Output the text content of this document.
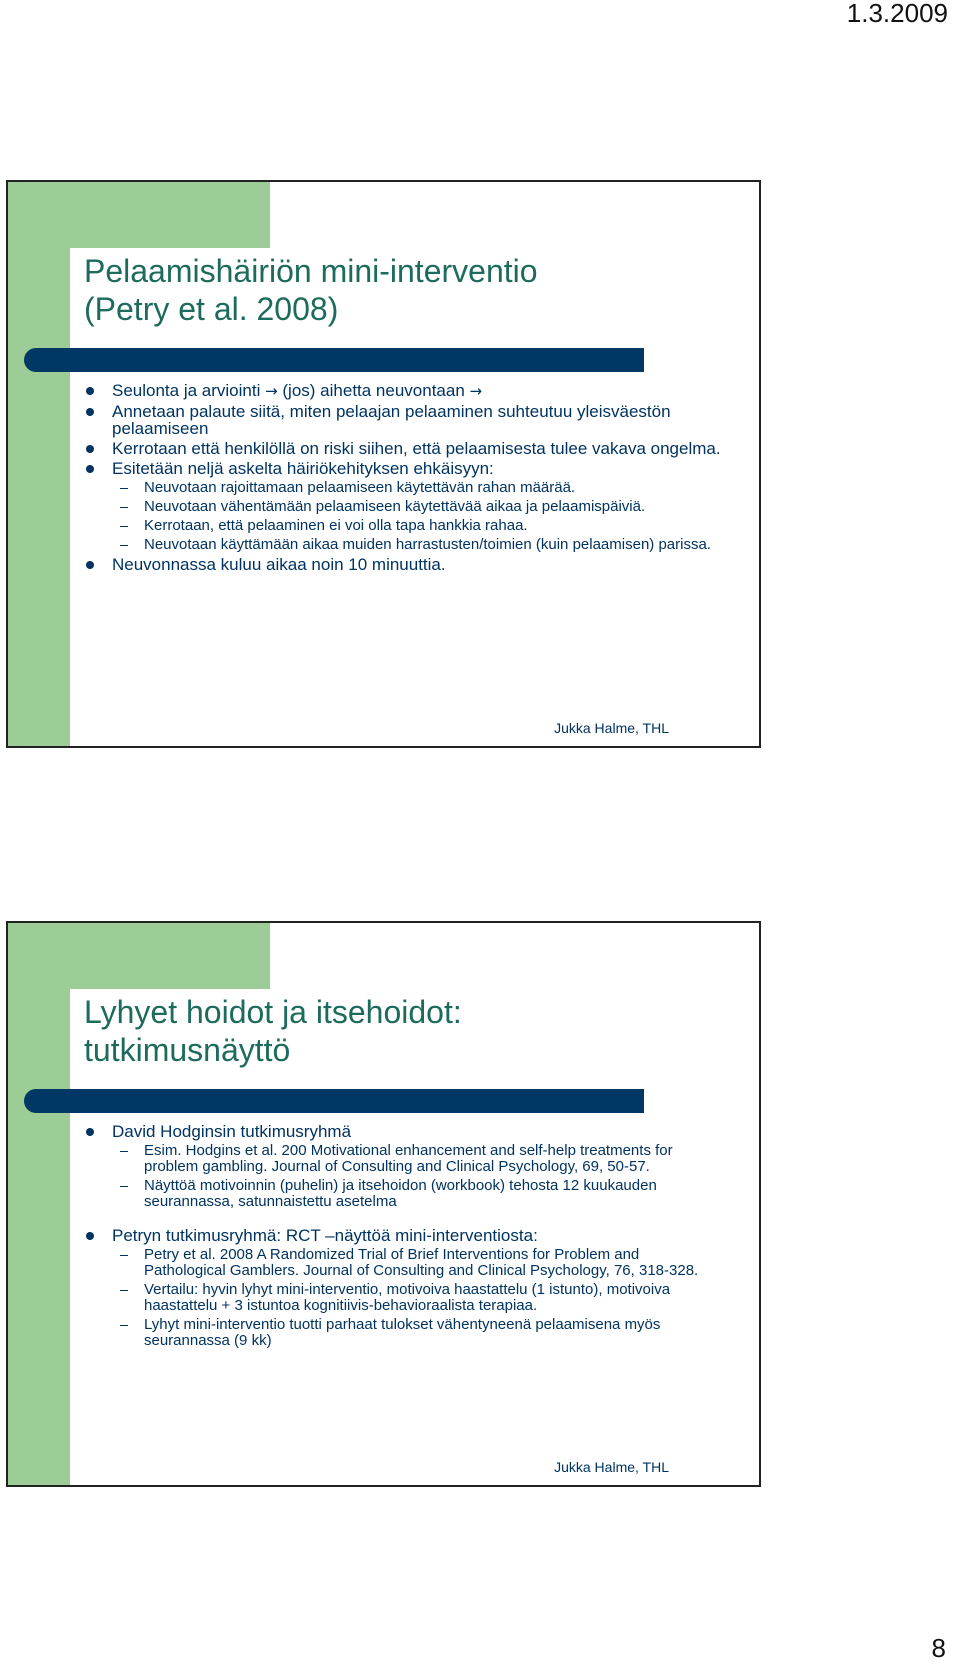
1.3.2009
Pelaamishäiriön mini-interventio
(Petry et al. 2008)
Seulonta ja arviointi → (jos) aihetta neuvontaan →
Annetaan palaute siitä, miten pelaajan pelaaminen suhteutuu yleisväestön pelaamiseen
Kerrotaan että henkilöllä on riski siihen, että pelaamisesta tulee vakava ongelma.
Esitetään neljä askelta häiriökehityksen ehkäisyyn:
Neuvotaan rajoittamaan pelaamiseen käytettävän rahan määrää.
Neuvotaan vähentämään pelaamiseen käytettävää aikaa ja pelaamispäiviä.
Kerrotaan, että pelaaminen ei voi olla tapa hankkia rahaa.
Neuvotaan käyttämään aikaa muiden harrastusten/toimien (kuin pelaamisen) parissa.
Neuvonnassa kuluu aikaa noin 10 minuuttia.
Jukka Halme, THL
Lyhyet hoidot ja itsehoidot:
tutkimusnäyttö
David Hodginsin tutkimusryhmä
Esim. Hodgins et al. 200 Motivational enhancement and self-help treatments for problem gambling. Journal of Consulting and Clinical Psychology, 69, 50-57.
Näyttöä motivoinnin (puhelin) ja itsehoidon (workbook) tehosta 12 kuukauden seurannassa, satunnaistettu asetelma
Petryn tutkimusryhmä: RCT –näyttöä mini-interventiosta:
Petry et al. 2008 A Randomized Trial of Brief Interventions for Problem and Pathological Gamblers. Journal of Consulting and Clinical Psychology, 76, 318-328.
Vertailu: hyvin lyhyt mini-interventio, motivoiva haastattelu (1 istunto), motivoiva haastattelu + 3 istuntoa kognitiivis-behavioraalista terapiaa.
Lyhyt mini-interventio tuotti parhaat tulokset vähentyneenä pelaamisena myös seurannassa (9 kk)
Jukka Halme, THL
8
